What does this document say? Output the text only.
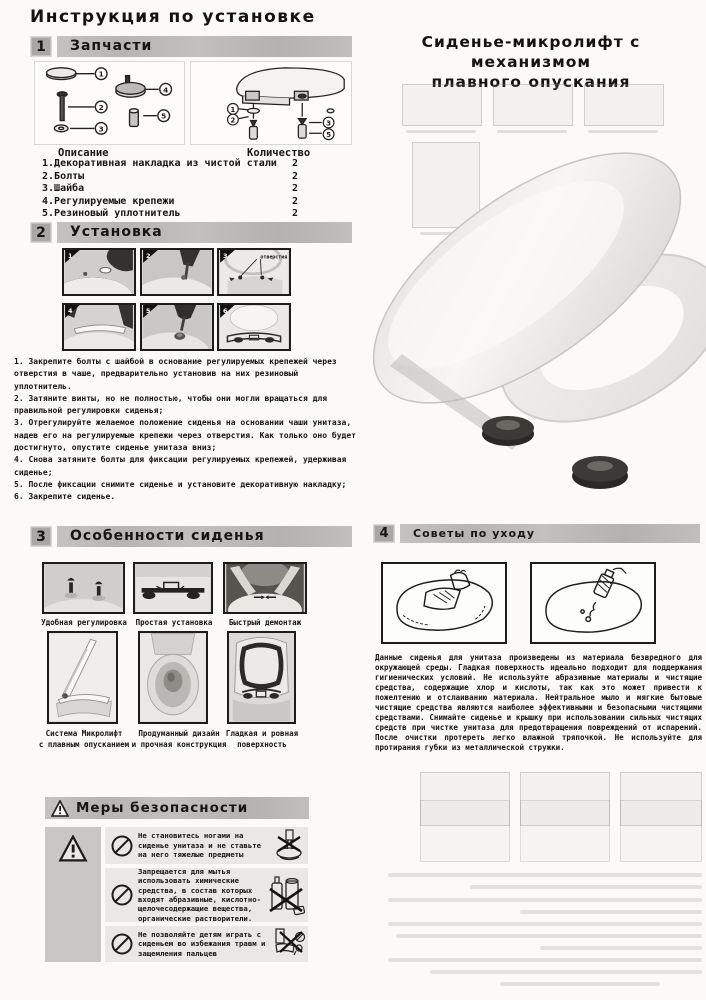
Инструкция по установке
1	Запчасти
1
2
3
4
5
1
2	3
5
Описание	Количество
1.Декоративная накладка из чистой стали	2
2.Болты	2
3.Шайба	2
4.Регулируемые крепежи	2
5.Резиновый уплотнитель	2
2	Установка
1	2	отверстия
3
4	5	6

1. Закрепите болты с шайбой в основание регулируемых крепежей через отверстия в чаше, предварительно установив на них резиновый уплотнитель.

2. Затяните винты, но не полностью, чтобы они могли вращаться для правильной регулировки сиденья;

3. Отрегулируйте желаемое положение сиденья на основании чаши унитаза, надев его на регулируемые крепежи через отверстия. Как только оно будет достигнуто, опустите сиденье унитаза вниз;

4. Снова затяните болты для фиксации регулируемых крепежей, удерживая сиденье;

5. После фиксации снимите сиденье и установите декоративную накладку;

6. Закрепите сиденье.

3	Особенности сиденья
Удобная регулировка	Простая установка	Быстрый демонтаж
Система Микролифт
с плавным опусканием
Продуманный дизайн
и прочная конструкция
Гладкая и ровная
поверхность
Меры безопасности
Не становитесь ногами на сиденье унитаза и не ставьте на него тяжелые предметы
Запрещается для мытья использовать химические средства, в состав которых входят абразивные, кислотно-щелочесодержащие вещества, органические растворители.
Не позволяйте детям играть с сиденьем во избежания травм и защемления пальцев
Сиденье-микролифт с механизмом
плавного опускания
4	Советы по уходу
Данные сиденья для унитаза произведены из материала безвредного для окружающей среды. Гладкая поверхность идеально подходит для поддержания гигиенических условий. Не используйте абразивные материалы и чистящие средства, содержащие хлор и кислоты, так как это может привести к пожелтению и отслаиванию материала. Нейтральное мыло и мягкие бытовые чистящие средства являются наиболее эффективными и безопасными чистящими средствами. Снимайте сиденье и крышку при использовании сильных чистящих средств при чистке унитаза для предотвращения повреждений от испарений. После очистки протереть легко влажной тряпочкой. Не используйте для протирания губки из металлической стружки.
